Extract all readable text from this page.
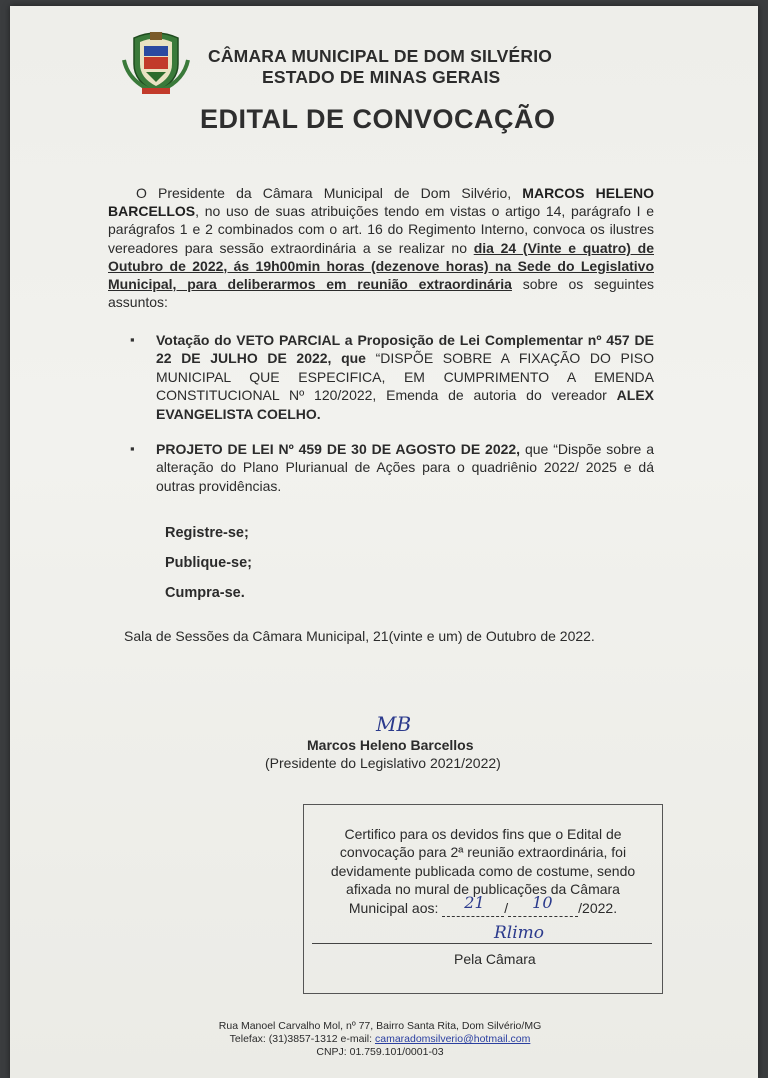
CÂMARA MUNICIPAL DE DOM SILVÉRIO
ESTADO DE MINAS GERAIS
EDITAL DE CONVOCAÇÃO
O Presidente da Câmara Municipal de Dom Silvério, MARCOS HELENO BARCELLOS, no uso de suas atribuições tendo em vistas o artigo 14, parágrafo I e parágrafos 1 e 2 combinados com o art. 16 do Regimento Interno, convoca os ilustres vereadores para sessão extraordinária a se realizar no dia 24 (Vinte e quatro) de Outubro de 2022, ás 19h00min horas (dezenove horas) na Sede do Legislativo Municipal, para deliberarmos em reunião extraordinária sobre os seguintes assuntos:
▪ Votação do VETO PARCIAL a Proposição de Lei Complementar nº 457 DE 22 DE JULHO DE 2022, que “DISPÕE SOBRE A FIXAÇÃO DO PISO MUNICIPAL QUE ESPECIFICA, EM CUMPRIMENTO A EMENDA CONSTITUCIONAL Nº 120/2022, Emenda de autoria do vereador ALEX EVANGELISTA COELHO.
▪ PROJETO DE LEI Nº 459 DE 30 DE AGOSTO DE 2022, que “Dispõe sobre a alteração do Plano Plurianual de Ações para o quadriênio 2022/ 2025 e dá outras providências.
Registre-se;
Publique-se;
Cumpra-se.
Sala de Sessões da Câmara Municipal, 21(vinte e um) de Outubro de 2022.
MB
Marcos Heleno Barcellos
(Presidente do Legislativo 2021/2022)
Certifico para os devidos fins que o Edital de convocação para 2ª reunião extraordinária, foi devidamente publicada como de costume, sendo afixada no mural de publicações da Câmara
Municipal aos: 21 / 10 /2022.
Rlimo
Pela Câmara
Rua Manoel Carvalho Mol, nº 77, Bairro Santa Rita, Dom Silvério/MG
Telefax: (31)3857-1312 e-mail: camaradomsilverio@hotmail.com
CNPJ: 01.759.101/0001-03
